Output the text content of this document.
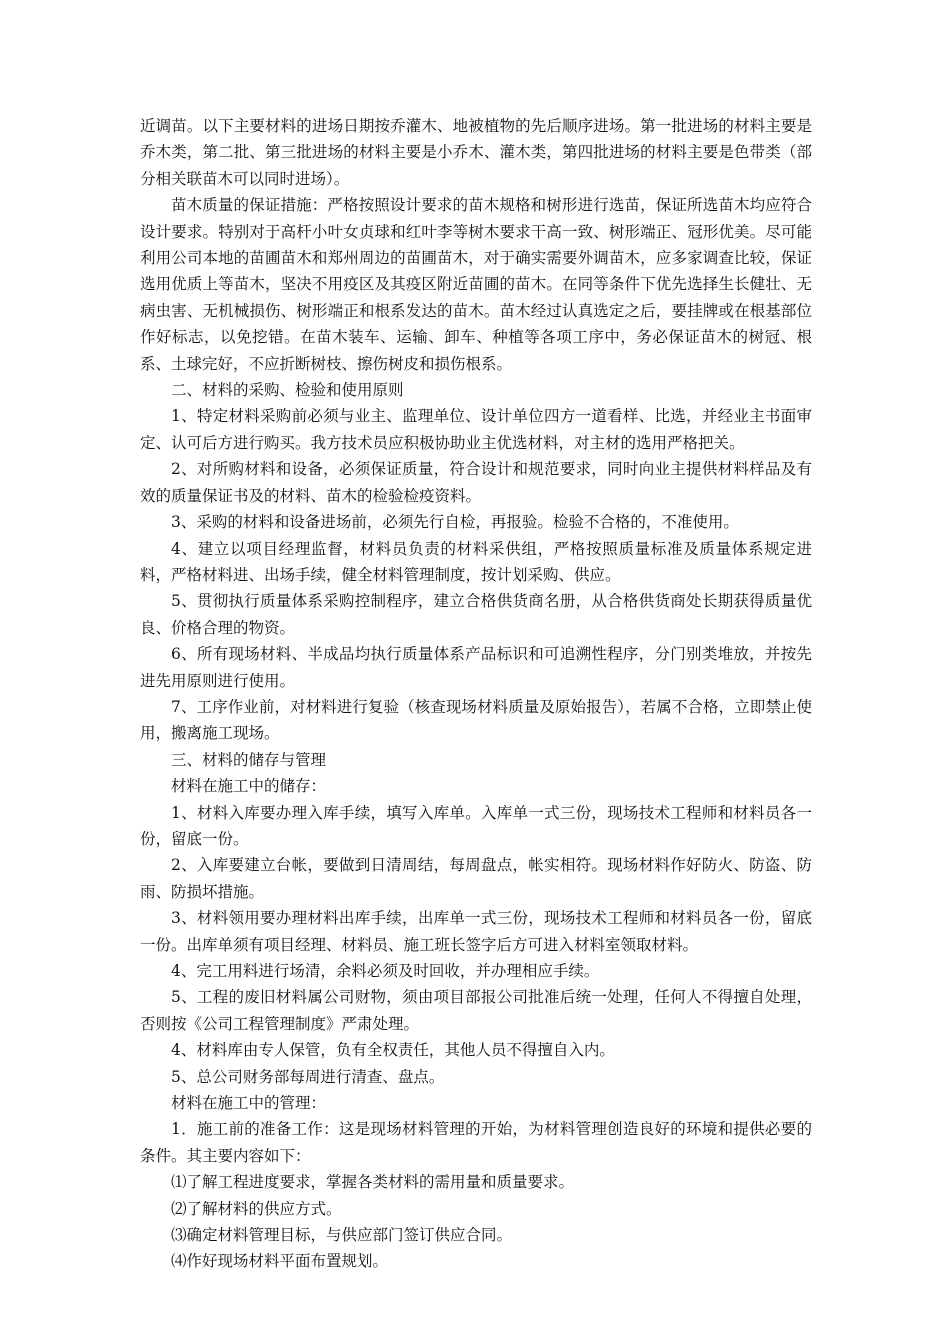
近调苗。以下主要材料的进场日期按乔灌木、地被植物的先后顺序进场。第一批进场的材料主要是乔木类，第二批、第三批进场的材料主要是小乔木、灌木类，第四批进场的材料主要是色带类（部分相关联苗木可以同时进场）。

苗木质量的保证措施：严格按照设计要求的苗木规格和树形进行选苗，保证所选苗木均应符合设计要求。特别对于高杆小叶女贞球和红叶李等树木要求干高一致、树形端正、冠形优美。尽可能利用公司本地的苗圃苗木和郑州周边的苗圃苗木，对于确实需要外调苗木，应多家调查比较，保证选用优质上等苗木，坚决不用疫区及其疫区附近苗圃的苗木。在同等条件下优先选择生长健壮、无病虫害、无机械损伤、树形端正和根系发达的苗木。苗木经过认真选定之后，要挂牌或在根基部位作好标志，以免挖错。在苗木装车、运输、卸车、种植等各项工序中，务必保证苗木的树冠、根系、土球完好，不应折断树枝、擦伤树皮和损伤根系。

二、材料的采购、检验和使用原则

1、特定材料采购前必须与业主、监理单位、设计单位四方一道看样、比选，并经业主书面审定、认可后方进行购买。我方技术员应积极协助业主优选材料，对主材的选用严格把关。

2、对所购材料和设备，必须保证质量，符合设计和规范要求，同时向业主提供材料样品及有效的质量保证书及的材料、苗木的检验检疫资料。

3、采购的材料和设备进场前，必须先行自检，再报验。检验不合格的，不准使用。

4、建立以项目经理监督，材料员负责的材料采供组，严格按照质量标准及质量体系规定进料，严格材料进、出场手续，健全材料管理制度，按计划采购、供应。

5、贯彻执行质量体系采购控制程序，建立合格供货商名册，从合格供货商处长期获得质量优良、价格合理的物资。

6、所有现场材料、半成品均执行质量体系产品标识和可追溯性程序，分门别类堆放，并按先进先用原则进行使用。

7、工序作业前，对材料进行复验（核查现场材料质量及原始报告），若属不合格，立即禁止使用，搬离施工现场。

三、材料的储存与管理

材料在施工中的储存：

1、材料入库要办理入库手续，填写入库单。入库单一式三份，现场技术工程师和材料员各一份，留底一份。

2、入库要建立台帐，要做到日清周结，每周盘点，帐实相符。现场材料作好防火、防盗、防雨、防损坏措施。

3、材料领用要办理材料出库手续，出库单一式三份，现场技术工程师和材料员各一份，留底一份。出库单须有项目经理、材料员、施工班长签字后方可进入材料室领取材料。

4、完工用料进行场清，余料必须及时回收，并办理相应手续。

5、工程的废旧材料属公司财物，须由项目部报公司批准后统一处理，任何人不得擅自处理，否则按《公司工程管理制度》严肃处理。

4、材料库由专人保管，负有全权责任，其他人员不得擅自入内。

5、总公司财务部每周进行清查、盘点。

材料在施工中的管理：

1．施工前的准备工作：这是现场材料管理的开始，为材料管理创造良好的环境和提供必要的条件。其主要内容如下：

⑴了解工程进度要求，掌握各类材料的需用量和质量要求。

⑵了解材料的供应方式。

⑶确定材料管理目标，与供应部门签订供应合同。

⑷作好现场材料平面布置规划。
